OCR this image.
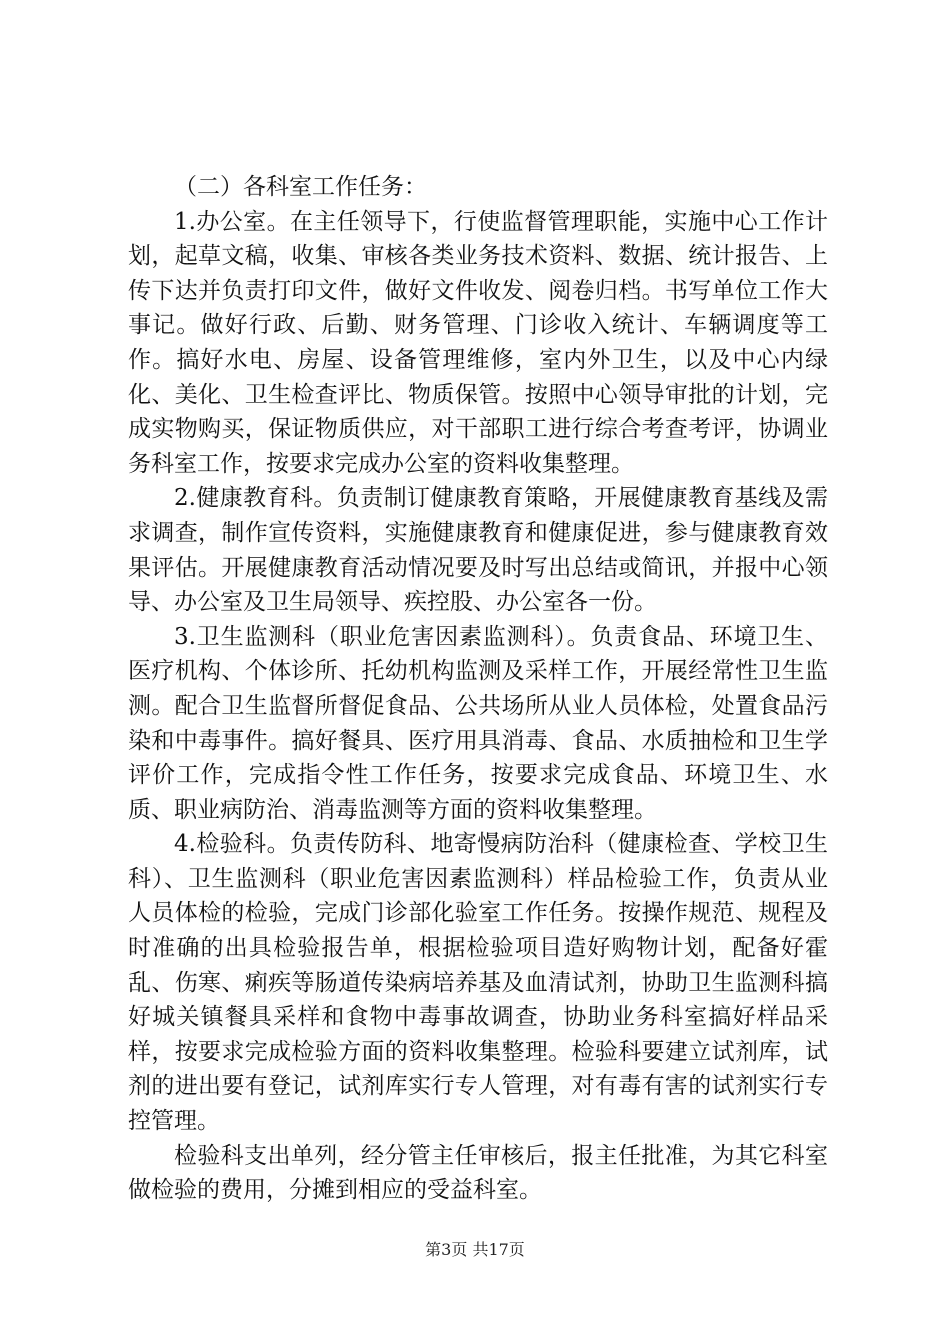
（二）各科室工作任务：

1.办公室。在主任领导下，行使监督管理职能，实施中心工作计划，起草文稿，收集、审核各类业务技术资料、数据、统计报告、上传下达并负责打印文件，做好文件收发、阅卷归档。书写单位工作大事记。做好行政、后勤、财务管理、门诊收入统计、车辆调度等工作。搞好水电、房屋、设备管理维修，室内外卫生，以及中心内绿化、美化、卫生检查评比、物质保管。按照中心领导审批的计划，完成实物购买，保证物质供应，对干部职工进行综合考查考评，协调业务科室工作，按要求完成办公室的资料收集整理。

2.健康教育科。负责制订健康教育策略，开展健康教育基线及需求调查，制作宣传资料，实施健康教育和健康促进，参与健康教育效果评估。开展健康教育活动情况要及时写出总结或简讯，并报中心领导、办公室及卫生局领导、疾控股、办公室各一份。

3.卫生监测科（职业危害因素监测科）。负责食品、环境卫生、医疗机构、个体诊所、托幼机构监测及采样工作，开展经常性卫生监测。配合卫生监督所督促食品、公共场所从业人员体检，处置食品污染和中毒事件。搞好餐具、医疗用具消毒、食品、水质抽检和卫生学评价工作，完成指令性工作任务，按要求完成食品、环境卫生、水质、职业病防治、消毒监测等方面的资料收集整理。

4.检验科。负责传防科、地寄慢病防治科（健康检查、学校卫生科）、卫生监测科（职业危害因素监测科）样品检验工作，负责从业人员体检的检验，完成门诊部化验室工作任务。按操作规范、规程及时准确的出具检验报告单，根据检验项目造好购物计划，配备好霍乱、伤寒、痢疾等肠道传染病培养基及血清试剂，协助卫生监测科搞好城关镇餐具采样和食物中毒事故调查，协助业务科室搞好样品采样，按要求完成检验方面的资料收集整理。检验科要建立试剂库，试剂的进出要有登记，试剂库实行专人管理，对有毒有害的试剂实行专控管理。

检验科支出单列，经分管主任审核后，报主任批准，为其它科室做检验的费用，分摊到相应的受益科室。

第3页 共17页
